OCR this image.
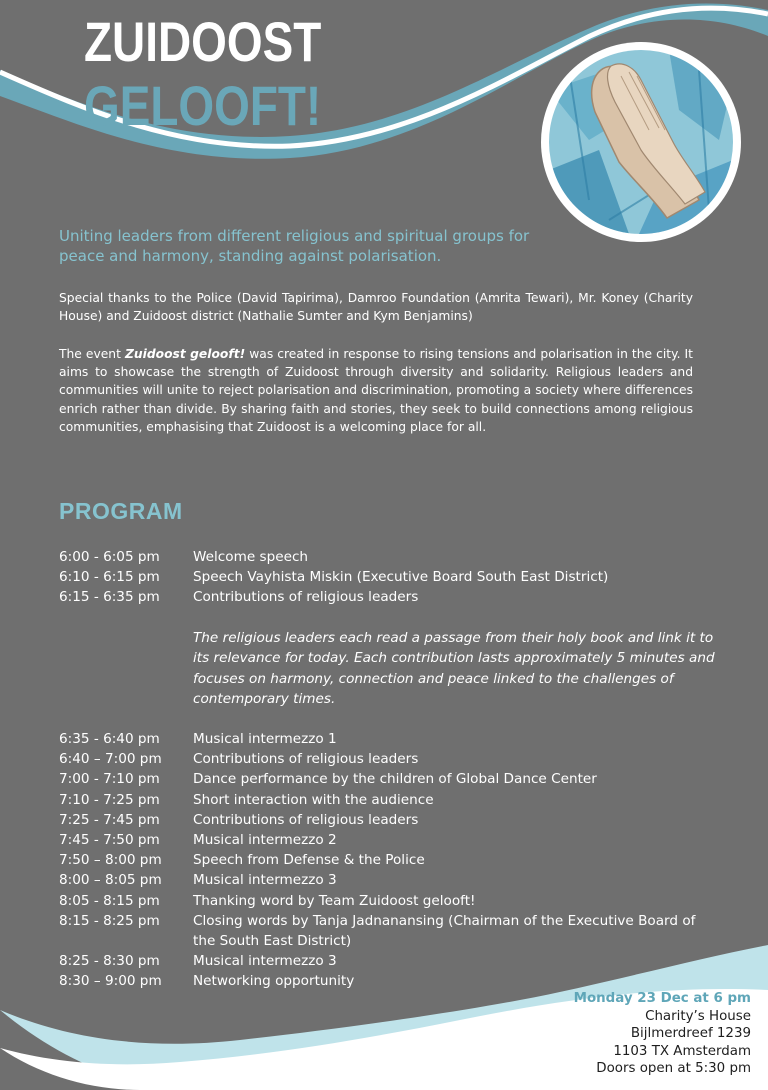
ZUIDOOST
GELOOFT!
Uniting leaders from different religious and spiritual groups for peace and harmony, standing against polarisation.
Special thanks to the Police (David Tapirima), Damroo Foundation (Amrita Tewari), Mr. Koney (Charity House) and Zuidoost district (Nathalie Sumter and Kym Benjamins)
The event Zuidoost gelooft! was created in response to rising tensions and polarisation in the city. It aims to showcase the strength of Zuidoost through diversity and solidarity. Religious leaders and communities will unite to reject polarisation and discrimination, promoting a society where differences enrich rather than divide. By sharing faith and stories, they seek to build connections among religious communities, emphasising that Zuidoost is a welcoming place for all.
PROGRAM
6:00 - 6:05 pm	Welcome speech
6:10 - 6:15 pm	Speech Vayhista Miskin (Executive Board South East District)
6:15 - 6:35 pm	Contributions of religious leaders
The religious leaders each read a passage from their holy book and link it to its relevance for today. Each contribution lasts approximately 5 minutes and focuses on harmony, connection and peace linked to the challenges of contemporary times.
6:35 - 6:40 pm	Musical intermezzo 1
6:40 – 7:00 pm	Contributions of religious leaders
7:00 - 7:10 pm	Dance performance by the children of Global Dance Center
7:10 - 7:25 pm	Short interaction with the audience
7:25 - 7:45 pm	Contributions of religious leaders
7:45 - 7:50 pm	Musical intermezzo 2
7:50 – 8:00 pm	Speech from Defense & the Police
8:00 – 8:05 pm	Musical intermezzo 3
8:05 - 8:15 pm	Thanking word by Team Zuidoost gelooft!
8:15 - 8:25 pm	Closing words by Tanja Jadnanansing (Chairman of the Executive Board of the South East District)
8:25 - 8:30 pm	Musical intermezzo 3
8:30 – 9:00 pm	Networking opportunity
Monday 23 Dec at 6 pm
Charity’s House
Bijlmerdreef 1239
1103 TX Amsterdam
Doors open at 5:30 pm
